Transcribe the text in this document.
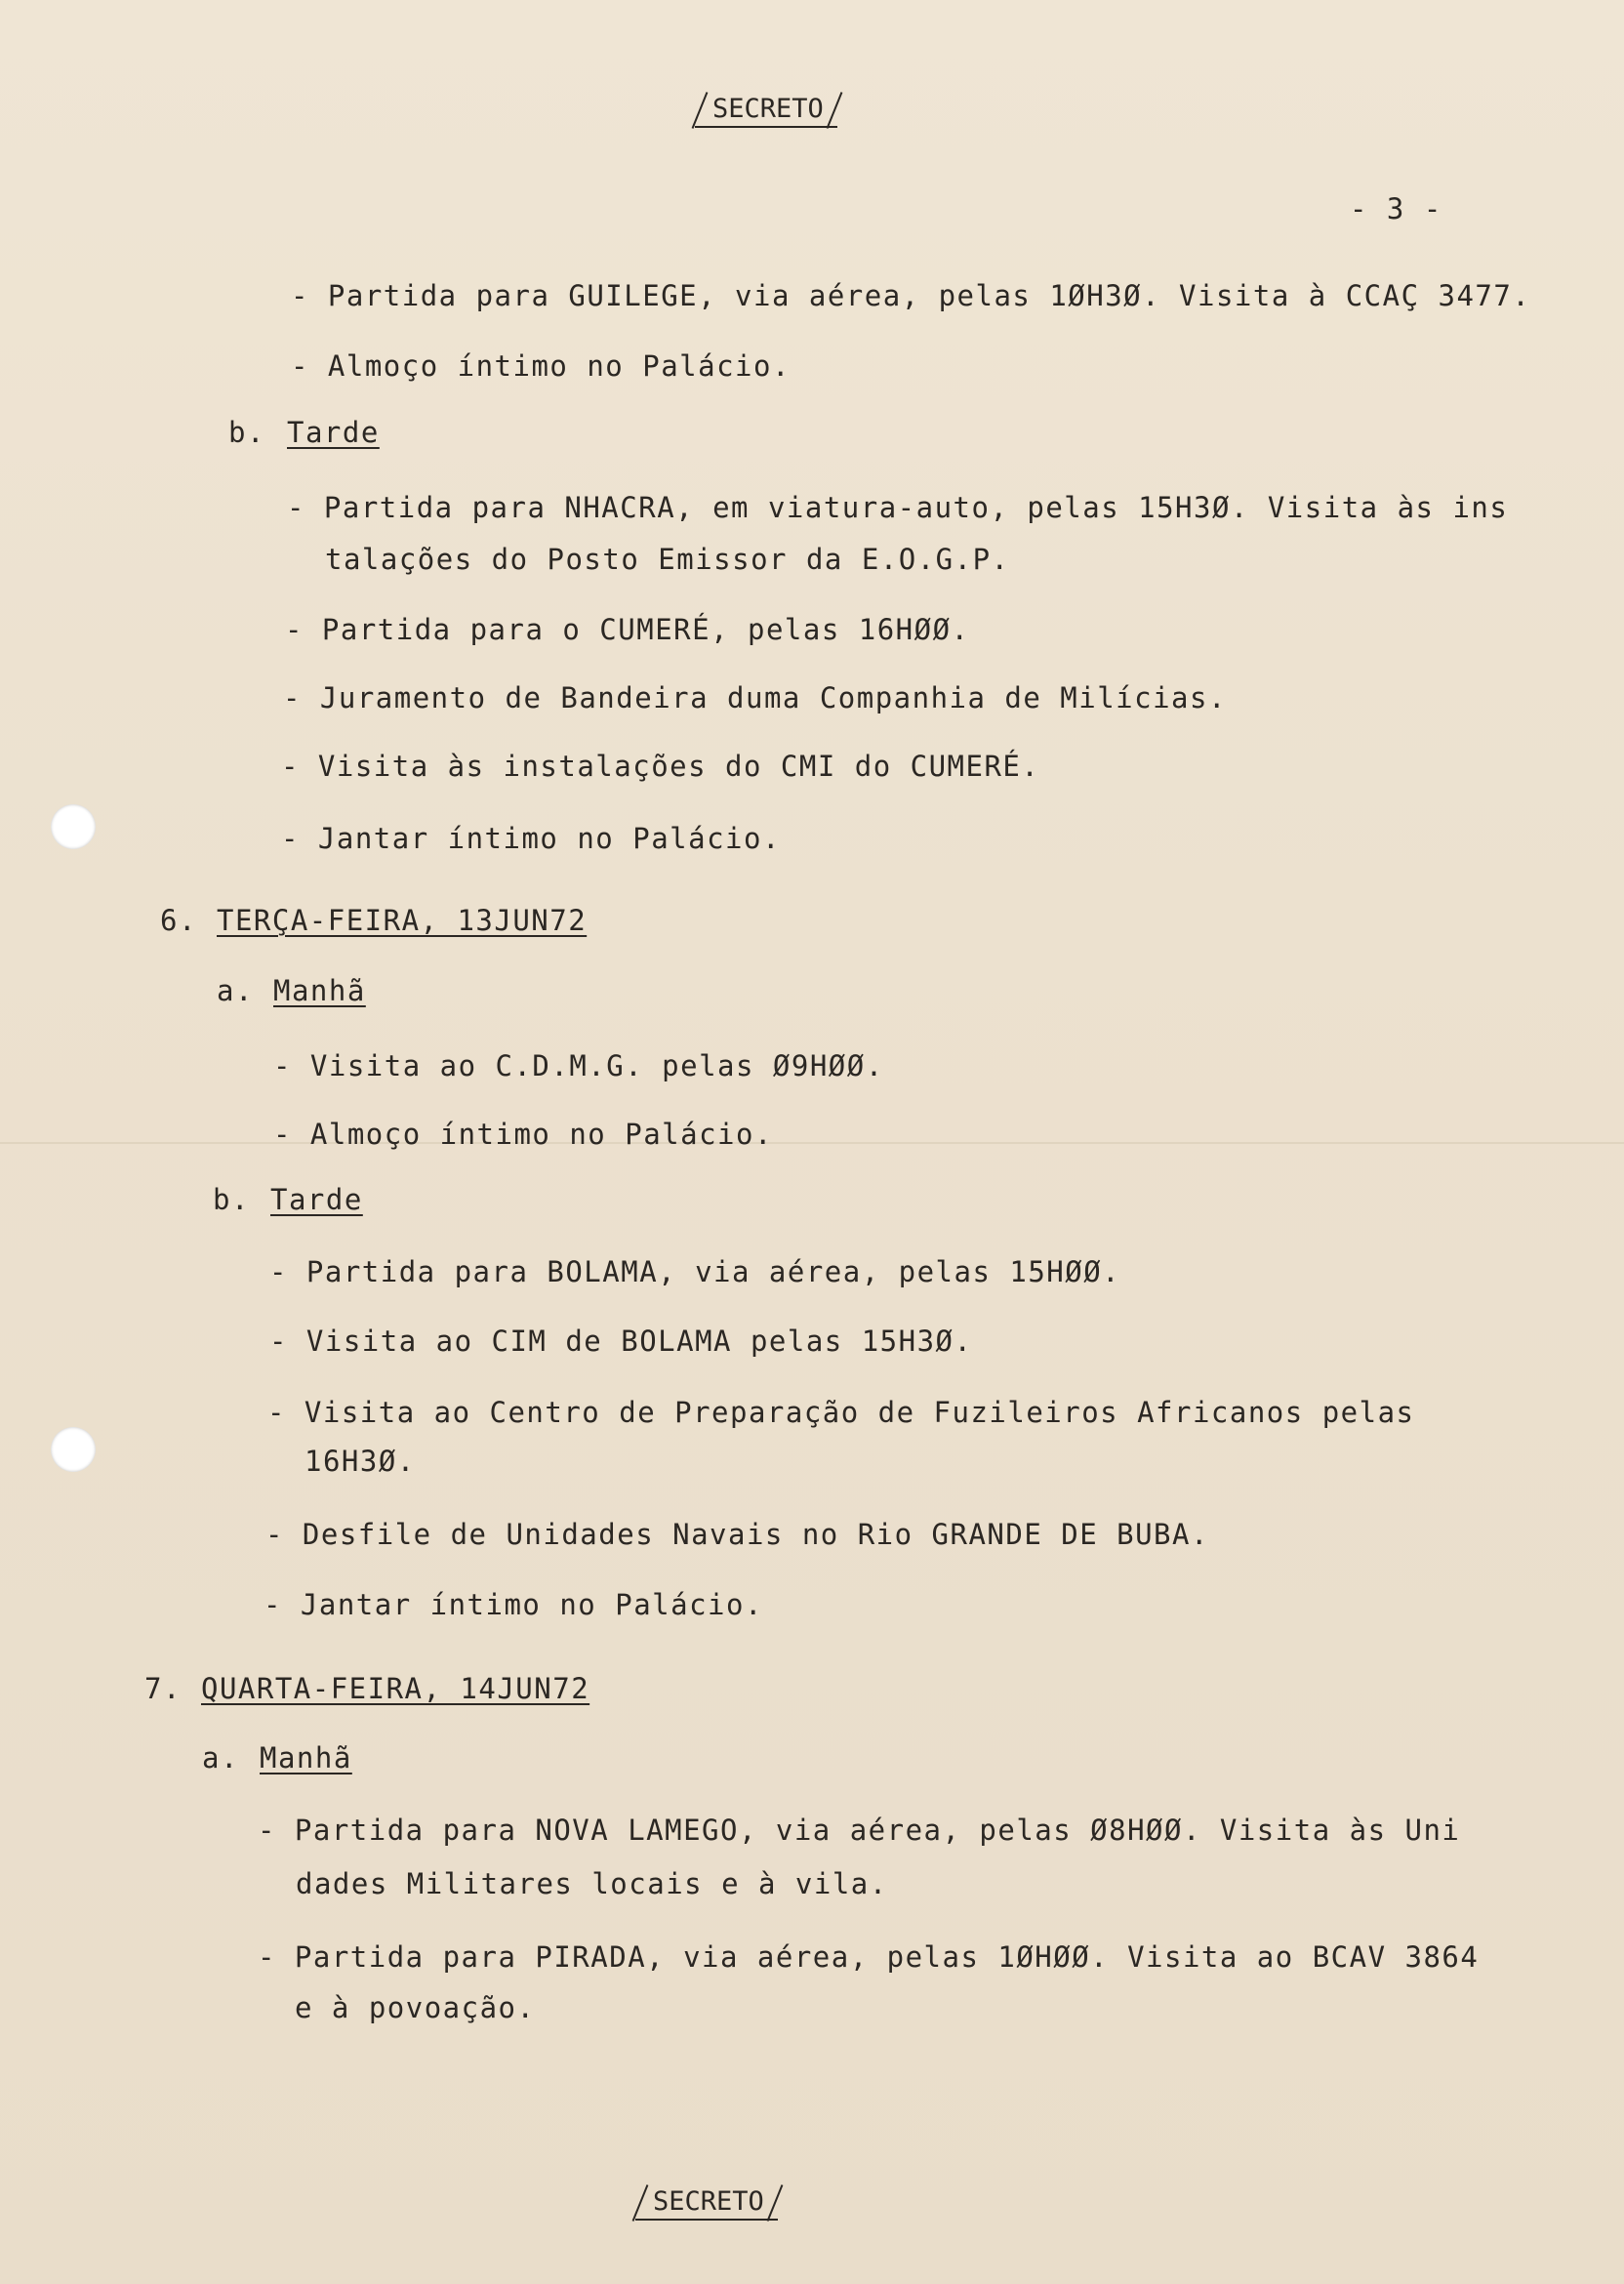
SECRETO
- 3 -
- Partida para GUILEGE, via aérea, pelas 1ØH3Ø. Visita à CCAÇ 3477.
- Almoço íntimo no Palácio.
b. Tarde
- Partida para NHACRA, em viatura-auto, pelas 15H3Ø. Visita às ins
talações do Posto Emissor da E.O.G.P.
- Partida para o CUMERÉ, pelas 16HØØ.
- Juramento de Bandeira duma Companhia de Milícias.
- Visita às instalações do CMI do CUMERÉ.
- Jantar íntimo no Palácio.
6. TERÇA-FEIRA, 13JUN72
a. Manhã
- Visita ao C.D.M.G. pelas Ø9HØØ.
- Almoço íntimo no Palácio.
b. Tarde
- Partida para BOLAMA, via aérea, pelas 15HØØ.
- Visita ao CIM de BOLAMA pelas 15H3Ø.
- Visita ao Centro de Preparação de Fuzileiros Africanos pelas
16H3Ø.
- Desfile de Unidades Navais no Rio GRANDE DE BUBA.
- Jantar íntimo no Palácio.
7. QUARTA-FEIRA, 14JUN72
a. Manhã
- Partida para NOVA LAMEGO, via aérea, pelas Ø8HØØ. Visita às Uni
dades Militares locais e à vila.
- Partida para PIRADA, via aérea, pelas 1ØHØØ. Visita ao BCAV 3864
e à povoação.
SECRETO
